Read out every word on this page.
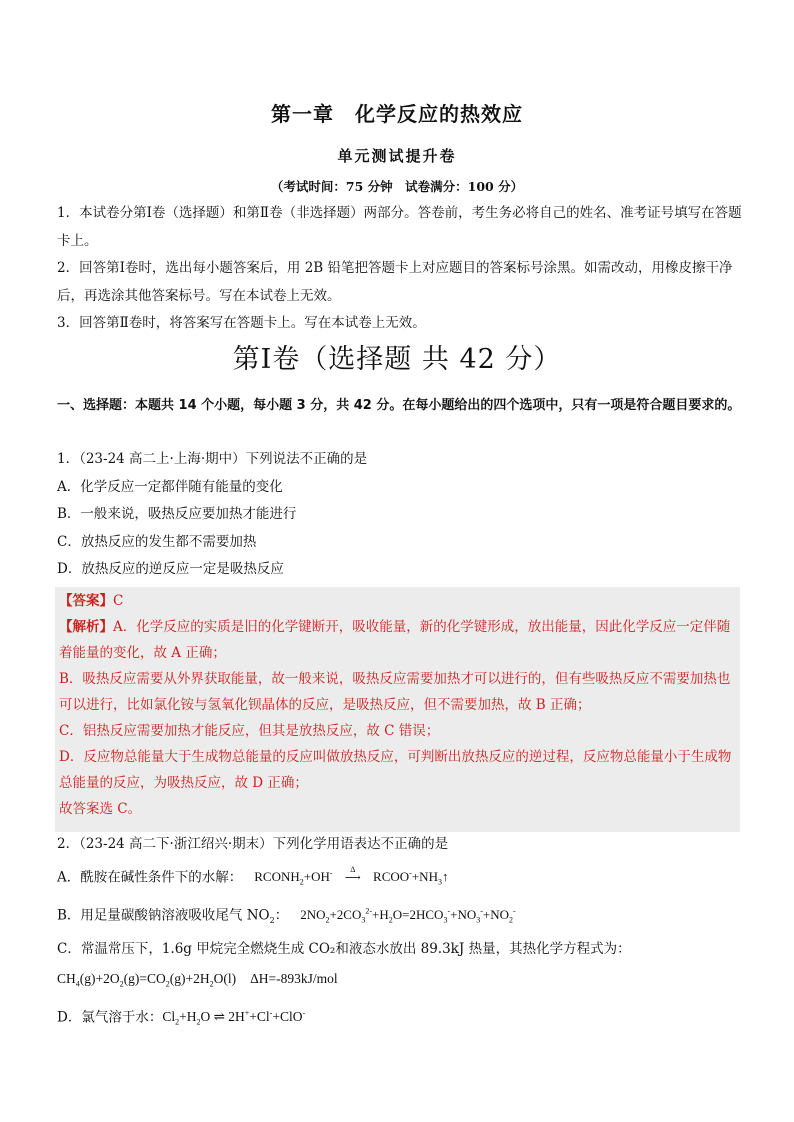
第一章　化学反应的热效应
单元测试提升卷
（考试时间：75 分钟　试卷满分：100 分）

1．本试卷分第Ⅰ卷（选择题）和第Ⅱ卷（非选择题）两部分。答卷前，考生务必将自己的姓名、准考证号填写在答题卡上。

2．回答第Ⅰ卷时，选出每小题答案后，用 2B 铅笔把答题卡上对应题目的答案标号涂黑。如需改动，用橡皮擦干净后，再选涂其他答案标号。写在本试卷上无效。

3．回答第Ⅱ卷时，将答案写在答题卡上。写在本试卷上无效。

第Ⅰ卷（选择题 共 42 分）
一、选择题：本题共 14 个小题，每小题 3 分，共 42 分。在每小题给出的四个选项中，只有一项是符合题目要求的。

1．（23-24 高二上·上海·期中）下列说法不正确的是

A．化学反应一定都伴随有能量的变化

B．一般来说，吸热反应要加热才能进行

C．放热反应的发生都不需要加热

D．放热反应的逆反应一定是吸热反应

【答案】C

【解析】A．化学反应的实质是旧的化学键断开，吸收能量，新的化学键形成，放出能量，因此化学反应一定伴随着能量的变化，故 A 正确；

B．吸热反应需要从外界获取能量，故一般来说，吸热反应需要加热才可以进行的，但有些吸热反应不需要加热也可以进行，比如氯化铵与氢氧化钡晶体的反应，是吸热反应，但不需要加热，故 B 正确；

C．铝热反应需要加热才能反应，但其是放热反应，故 C 错误；

D．反应物总能量大于生成物总能量的反应叫做放热反应，可判断出放热反应的逆过程，反应物总能量小于生成物总能量的反应，为吸热反应，故 D 正确；

故答案选 C。

2．（23-24 高二下·浙江绍兴·期末）下列化学用语表达不正确的是
A．酰胺在碱性条件下的水解： $RCONH_2+OH^-$	Δ
⟶ $RCOO^-+NH_3↑$
B．用足量碳酸钠溶液吸收尾气 $NO_2$： $2NO_2+2CO_3^{2-}+H_2O=2HCO_3^-+NO_3^-+NO_2^-$
C．常温常压下，1.6g 甲烷完全燃烧生成 CO₂和液态水放出 89.3kJ 热量，其热化学方程式为：
$CH_4(g)+2O_2(g)=CO_2(g)+2H_2O(l)$ ΔH=-893kJ/mol
D．氯气溶于水：$Cl_2+H_2O$ ⇌ 2H++Cl-+ClO-
